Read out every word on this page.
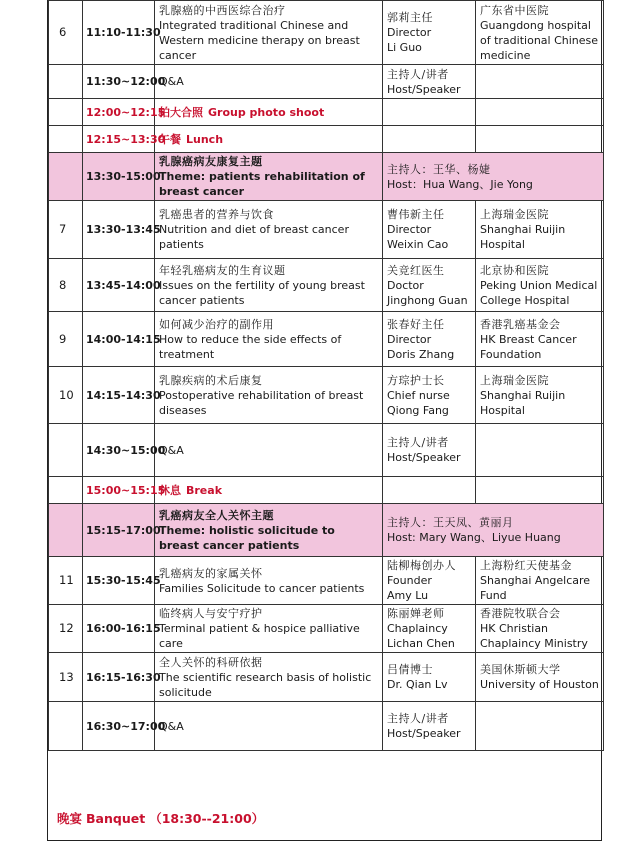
6	11:10-11:30	乳腺癌的中西医综合治疗
Integrated traditional Chinese and Western medicine therapy on breast cancer	郭莉主任
Director
Li Guo	广东省中医院
Guangdong hospital of traditional Chinese medicine

	11:30~12:00	Q&A	主持人/讲者
Host/Speaker	

	12:00~12:15	拍大合照 Group photo shoot		
	12:15~13:30	午餐 Lunch		
	13:30-15:00	乳腺癌病友康复主题
Theme: patients rehabilitation of breast cancer	主持人：王华、杨婕
Host：Hua Wang、Jie Yong	

7	13:30-13:45	乳癌患者的营养与饮食
Nutrition and diet of breast cancer patients	曹伟新主任
Director
Weixin Cao	上海瑞金医院
Shanghai Ruijin Hospital

8	13:45-14:00	年轻乳癌病友的生育议题
Issues on the fertility of young breast cancer patients	关竞红医生
Doctor
Jinghong Guan	北京协和医院
Peking Union Medical College Hospital

9	14:00-14:15	如何减少治疗的副作用
How to reduce the side effects of treatment	张春好主任
Director
Doris Zhang	香港乳癌基金会
HK Breast Cancer Foundation

10	14:15-14:30	乳腺疾病的术后康复
Postoperative rehabilitation of breast diseases	方琮护士长
Chief nurse
Qiong Fang	上海瑞金医院
Shanghai Ruijin Hospital

	14:30~15:00	Q&A	主持人/讲者
Host/Speaker	

	15:00~15:15	休息 Break		
	15:15-17:00	乳癌病友全人关怀主题
Theme: holistic solicitude to breast cancer patients	主持人：王天凤、黄丽月
Host: Mary Wang、Liyue Huang	

11	15:30-15:45	乳癌病友的家属关怀
Families Solicitude to cancer patients	陆柳梅创办人
Founder
Amy Lu	上海粉红天使基金
Shanghai Angelcare Fund

12	16:00-16:15	临终病人与安宁疗护
Terminal patient & hospice palliative care	陈丽婵老师
Chaplaincy
Lichan Chen	香港院牧联合会
HK Christian Chaplaincy Ministry

13	16:15-16:30	全人关怀的科研依据
The scientific research basis of holistic solicitude	吕倩博士
Dr. Qian Lv	美国休斯顿大学
University of Houston

	16:30~17:00	Q&A	主持人/讲者
Host/Speaker	

晚宴 Banquet （18:30--21:00）
